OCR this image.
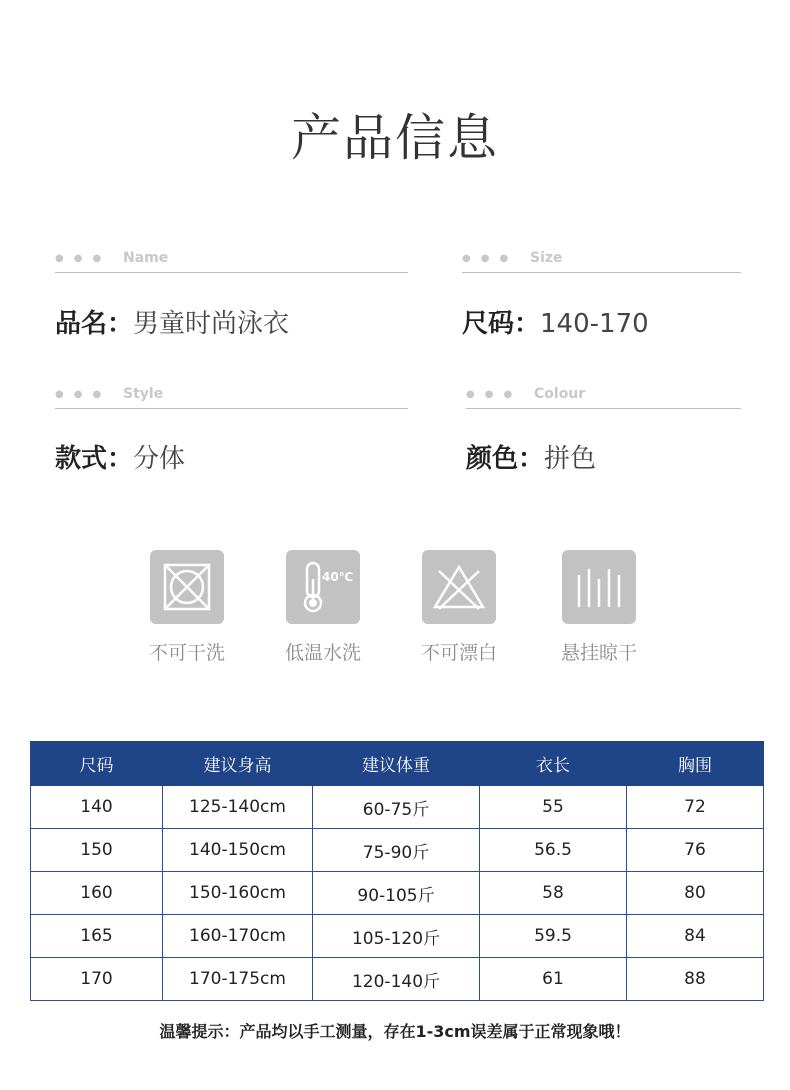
产品信息
●●● Name	●●● Size
●●● Style	●●● Colour
品名：男童时尚泳衣	尺码：140-170
款式：分体	颜色：拼色
不可干洗
40℃
低温水洗	不可漂白	悬挂晾干
尺码	建议身高	建议体重	衣长	胸围
140	125-140cm	60-75斤	55	72
150	140-150cm	75-90斤	56.5	76
160	150-160cm	90-105斤	58	80
165	160-170cm	105-120斤	59.5	84
170	170-175cm	120-140斤	61	88
温馨提示：产品均以手工测量，存在1-3cm误差属于正常现象哦！
